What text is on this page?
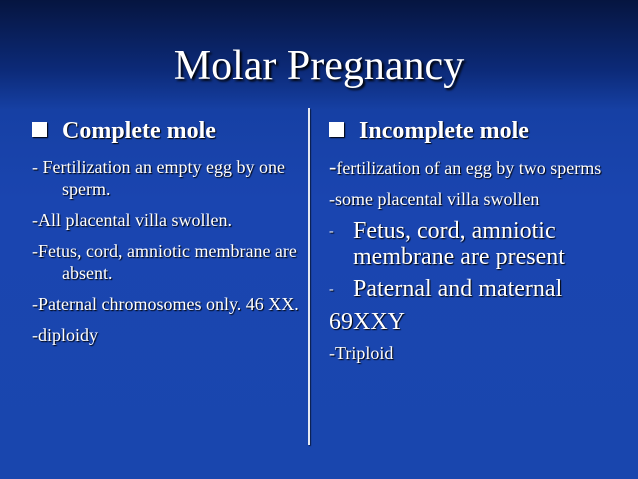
Molar Pregnancy
Complete mole
- Fertilization an empty egg by one sperm.
-All placental villa swollen.
-Fetus, cord, amniotic membrane are absent.
-Paternal chromosomes only. 46 XX.
-diploidy
Incomplete mole
-fertilization of an egg by two sperms
-some placental villa swollen
- Fetus, cord, amniotic membrane are present
- Paternal and maternal
69XXY
-Triploid
